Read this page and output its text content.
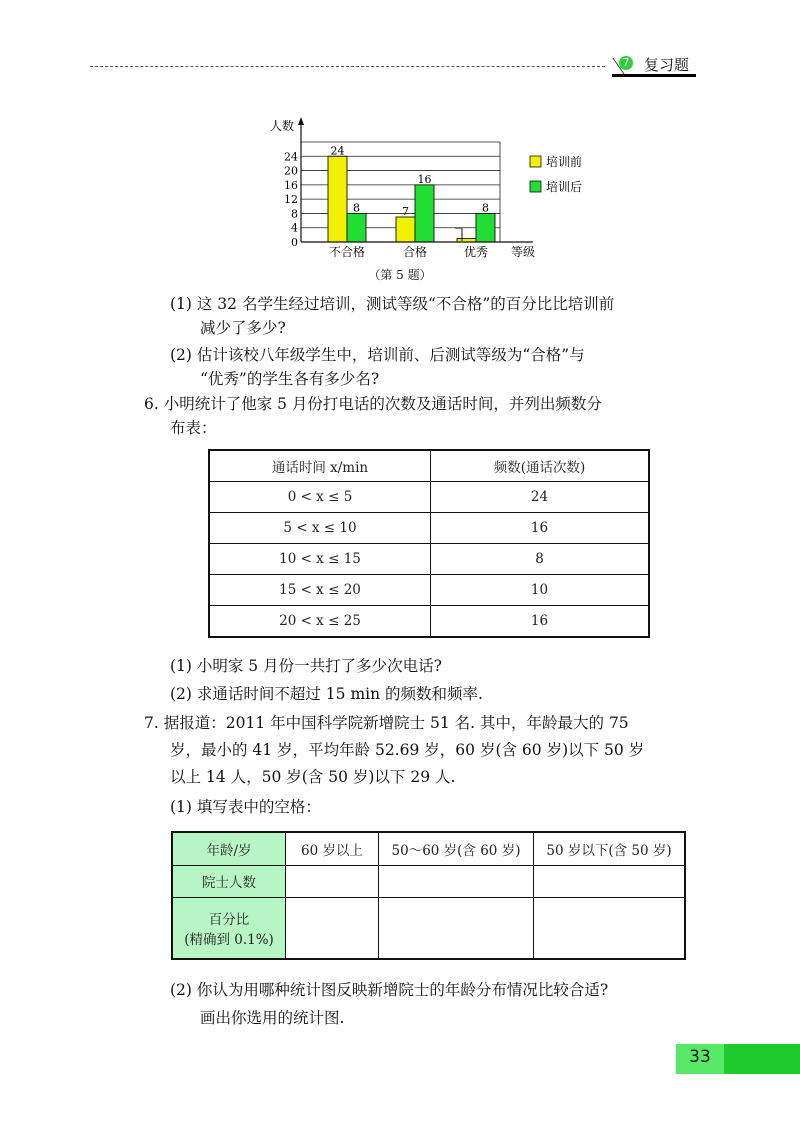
7 复习题
人数
等级
0
4
8
12
16
20
24
不合格	合格	优秀
24
8	7
16
8
培训前
培训后
（第 5 题）
(1) 这 32 名学生经过培训，测试等级“不合格”的百分比比培训前
减少了多少?
(2) 估计该校八年级学生中，培训前、后测试等级为“合格”与
“优秀”的学生各有多少名?
6. 小明统计了他家 5 月份打电话的次数及通话时间，并列出频数分
布表：
通话时间 x/min	频数(通话次数)
0 < x ≤ 5	24
5 < x ≤ 10	16
10 < x ≤ 15	8
15 < x ≤ 20	10
20 < x ≤ 25	16
(1) 小明家 5 月份一共打了多少次电话?
(2) 求通话时间不超过 15 min 的频数和频率.
7. 据报道：2011 年中国科学院新增院士 51 名. 其中，年龄最大的 75
岁，最小的 41 岁，平均年龄 52.69 岁，60 岁(含 60 岁)以下 50 岁
以上 14 人，50 岁(含 50 岁)以下 29 人.
(1) 填写表中的空格：
年龄/岁	60 岁以上	50～60 岁(含 60 岁)	50 岁以下(含 50 岁)
院士人数			

百分比
(精确到 0.1%)			

(2) 你认为用哪种统计图反映新增院士的年龄分布情况比较合适?
画出你选用的统计图.
33
